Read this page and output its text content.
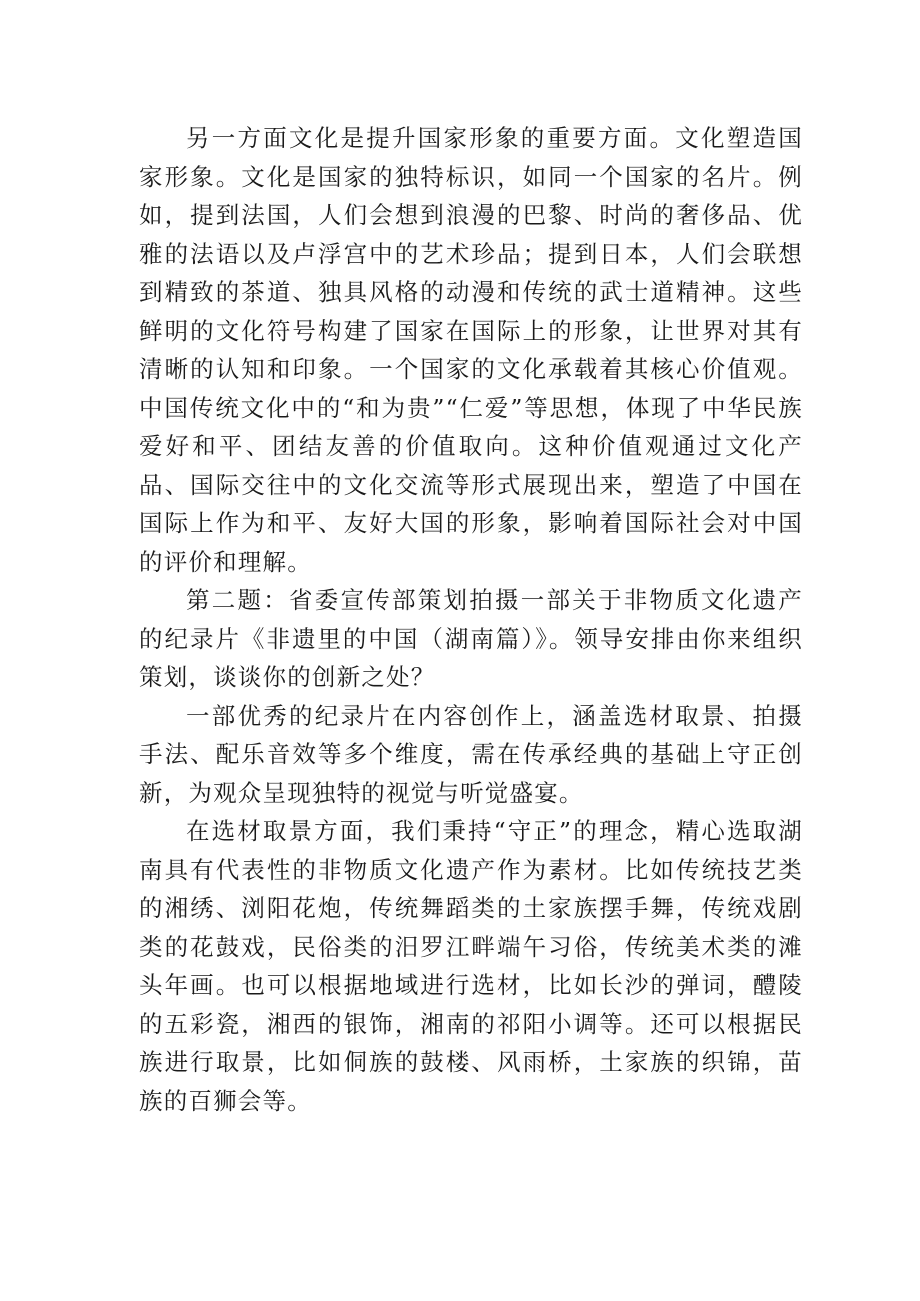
另一方面文化是提升国家形象的重要方面。文化塑造国家形象。文化是国家的独特标识，如同一个国家的名片。例如，提到法国，人们会想到浪漫的巴黎、时尚的奢侈品、优雅的法语以及卢浮宫中的艺术珍品；提到日本，人们会联想到精致的茶道、独具风格的动漫和传统的武士道精神。这些鲜明的文化符号构建了国家在国际上的形象，让世界对其有清晰的认知和印象。一个国家的文化承载着其核心价值观。中国传统文化中的“和为贵”“仁爱”等思想，体现了中华民族爱好和平、团结友善的价值取向。这种价值观通过文化产品、国际交往中的文化交流等形式展现出来，塑造了中国在国际上作为和平、友好大国的形象，影响着国际社会对中国的评价和理解。

第二题：省委宣传部策划拍摄一部关于非物质文化遗产的纪录片《非遗里的中国（湖南篇）》。领导安排由你来组织策划，谈谈你的创新之处？

一部优秀的纪录片在内容创作上，涵盖选材取景、拍摄手法、配乐音效等多个维度，需在传承经典的基础上守正创新，为观众呈现独特的视觉与听觉盛宴。

在选材取景方面，我们秉持“守正”的理念，精心选取湖南具有代表性的非物质文化遗产作为素材。比如传统技艺类的湘绣、浏阳花炮，传统舞蹈类的土家族摆手舞，传统戏剧类的花鼓戏，民俗类的汨罗江畔端午习俗，传统美术类的滩头年画。也可以根据地域进行选材，比如长沙的弹词，醴陵的五彩瓷，湘西的银饰，湘南的祁阳小调等。还可以根据民族进行取景，比如侗族的鼓楼、风雨桥，土家族的织锦，苗族的百狮会等。
